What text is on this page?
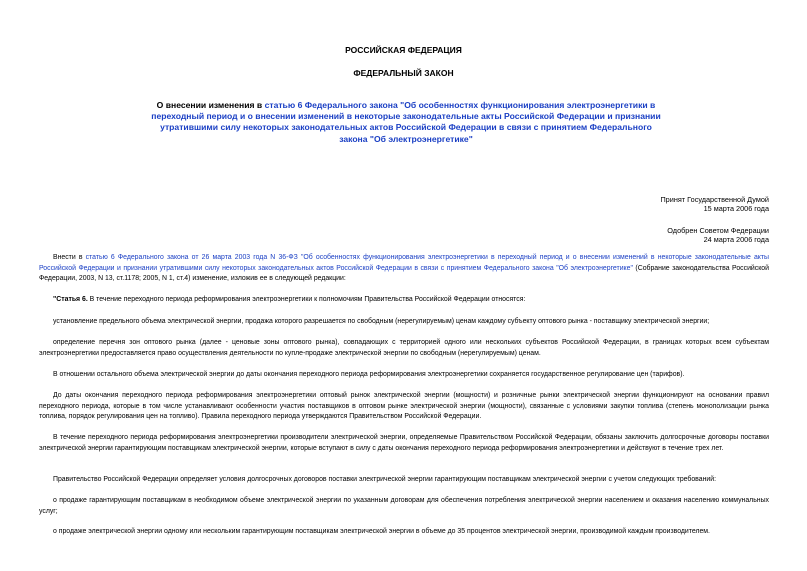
РОССИЙСКАЯ ФЕДЕРАЦИЯ
ФЕДЕРАЛЬНЫЙ ЗАКОН
О внесении изменения в статью 6 Федерального закона "Об особенностях функционирования электроэнергетики в переходный период и о внесении изменений в некоторые законодательные акты Российской Федерации и признании утратившими силу некоторых законодательных актов Российской Федерации в связи с принятием Федерального закона "Об электроэнергетике"
Принят Государственной Думой
15 марта 2006 года
Одобрен Советом Федерации
24 марта 2006 года
Внести в статью 6 Федерального закона от 26 марта 2003 года N 36-ФЗ "Об особенностях функционирования электроэнергетики в переходный период и о внесении изменений в некоторые законодательные акты Российской Федерации и признании утратившими силу некоторых законодательных актов Российской Федерации в связи с принятием Федерального закона "Об электроэнергетике" (Собрание законодательства Российской Федерации, 2003, N 13, ст.1178; 2005, N 1, ст.4) изменение, изложив ее в следующей редакции:
"Статья 6. В течение переходного периода реформирования электроэнергетики к полномочиям Правительства Российской Федерации относятся:
установление предельного объема электрической энергии, продажа которого разрешается по свободным (нерегулируемым) ценам каждому субъекту оптового рынка - поставщику электрической энергии;
определение перечня зон оптового рынка (далее - ценовые зоны оптового рынка), совпадающих с территорией одного или нескольких субъектов Российской Федерации, в границах которых всем субъектам электроэнергетики предоставляется право осуществления деятельности по купле-продаже электрической энергии по свободным (нерегулируемым) ценам.
В отношении остального объема электрической энергии до даты окончания переходного периода реформирования электроэнергетики сохраняется государственное регулирование цен (тарифов).
До даты окончания переходного периода реформирования электроэнергетики оптовый рынок электрической энергии (мощности) и розничные рынки электрической энергии функционируют на основании правил переходного периода, которые в том числе устанавливают особенности участия поставщиков в оптовом рынке электрической энергии (мощности), связанные с условиями закупки топлива (степень монополизации рынка топлива, порядок регулирования цен на топливо). Правила переходного периода утверждаются Правительством Российской Федерации.
В течение переходного периода реформирования электроэнергетики производители электрической энергии, определяемые Правительством Российской Федерации, обязаны заключить долгосрочные договоры поставки электрической энергии гарантирующим поставщикам электрической энергии, которые вступают в силу с даты окончания переходного периода реформирования электроэнергетики и действуют в течение трех лет.
Правительство Российской Федерации определяет условия долгосрочных договоров поставки электрической энергии гарантирующим поставщикам электрической энергии с учетом следующих требований:
о продаже гарантирующим поставщикам в необходимом объеме электрической энергии по указанным договорам для обеспечения потребления электрической энергии населением и оказания населению коммунальных услуг;
о продаже электрической энергии одному или нескольким гарантирующим поставщикам электрической энергии в объеме до 35 процентов электрической энергии, производимой каждым производителем.
